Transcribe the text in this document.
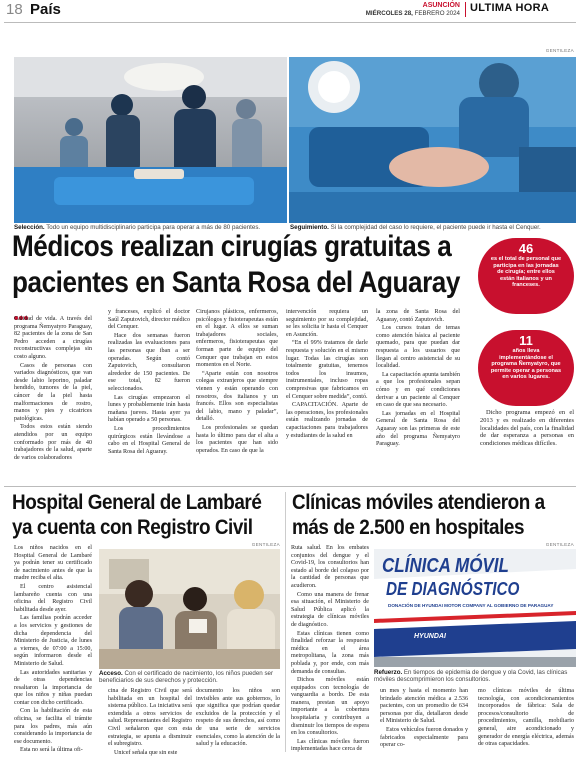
18 País	ASUNCIÓN
MIÉRCOLES 28, FEBRERO 2024 ULTIMA HORA
GENTILEZA
Selección. Todo un equipo multidisciplinario participa para operar a más de 80 pacientes.	Seguimiento. Si la complejidad del caso lo requiere, el paciente puede ir hasta el Cenquer.
Médicos realizan cirugías gratuitas a
pacientes en Santa Rosa del Aguaray
46
es el total de personal que participa en las jornadas de cirugía; entre ellos están italianos y un franceses.
11
años lleva implementándose el programa Ñemyatyro, que permite operar a personas en varios lugares.

Calidad de vida. A través del programa Ñemyatyro Paraguay, 82 pacientes de la zona de San Pedro acceden a cirugías reconstructivas complejas sin costo alguno.

Casos de personas con variados diagnósticos, que van desde labio leporino, paladar hendido, tumores de la piel, cáncer de la piel hasta malformaciones de rostro, manos y pies y cicatrices patológicas.

Todos estos están siendo atendidos por un equipo conformado por más de 40 trabajadores de la salud, aparte de varios colaboradores

y franceses, explicó el doctor Saúl Zaputovich, director médico del Cenquer.

Hace dos semanas fueron realizadas las evaluaciones para las personas que iban a ser operadas. Según contó Zaputovich, consultaron alrededor de 150 pacientes. De ese total, 82 fueron seleccionados.

Las cirugías empezaron el lunes y probablemente irán hasta mañana jueves. Hasta ayer ya habían operado a 50 personas.

Los procedimientos quirúrgicos están llevándose a cabo en el Hospital General de Santa Rosa del Aguaray.

Cirujanos plásticos, enfermeros, psicólogos y fisioterapeutas están en el lugar. A ellos se suman trabajadores sociales, enfermeros, fisioterapeutas que forman parte de equipo del Cenquer que trabajan en estos momentos en el Norte.

“Aparte están con nosotros colegas extranjeros que siempre vienen y están operando con nosotros, dos italianos y un francés. Ellos son especialistas del labio, mano y paladar”, detalló.

Los profesionales se quedan hasta lo último para dar el alta a los pacientes que han sido operados. En caso de que la

intervención requiera un seguimiento por su complejidad, se les solicita ir hasta el Cenquer en Asunción.

“En el 99% tratamos de darle respuesta y solución en el mismo lugar. Todas las cirugías son totalmente gratuitas, tenemos todos los insumos, instrumentales, incluso ropas compresivas que fabricamos en el Cenquer sobre medida”, contó.

CAPACITACIÓN. Aparte de las operaciones, los profesionales están realizando jornadas de capacitaciones para trabajadores y estudiantes de la salud en

la zona de Santa Rosa del Aguaray, contó Zaputovich.

Los cursos tratan de temas como atención básica al paciente quemado, para que puedan dar respuesta a los usuarios que llegan al centro asistencial de su localidad.

La capacitación apunta también a que los profesionales sepan cómo y en qué condiciones derivar a un paciente al Cenquer en caso de que sea necesario.

Las jornadas en el Hospital General de Santa Rosa del Aguaray son las primeras de este año del programa Ñemyatyro Paraguay.

Dicho programa empezó en el 2013 y es realizado en diferentes localidades del país, con la finalidad de dar esperanza a personas en condiciones médicas difíciles.

Hospital General de Lambaré
ya cuenta con Registro Civil

Los niños nacidos en el Hospital General de Lambaré ya podrán tener su certificado de nacimiento antes de que la madre reciba el alta.

El centro asistencial lambareño cuenta con una oficina del Registro Civil habilitada desde ayer.

Las familias podrán acceder a los servicios y gestiones de dicha dependencia del Ministerio de Justicia, de lunes a viernes, de 07:00 a 15:00, según informaron desde el Ministerio de Salud.

Las autoridades sanitarias y de otras dependencias resaltaron la importancia de que los niños y niñas puedan contar con dicho certificado.

Con la habilitación de esta oficina, se facilita el trámite para los padres, más aún considerando la importancia de ese documento.

Esta no será la última ofi-

GENTILEZA
Acceso. Con el certificado de nacimiento, los niños pueden ser beneficiarios de sus derechos y protección.

cina de Registro Civil que será habilitada en un hospital del sistema público. La iniciativa será extendida a otros servicios de salud. Representantes del Registro Civil señalaron que con esta estrategia, se apunta a disminuir el subregistro.

Unicef señala que sin este

documento los niños son invisibles ante sus gobiernos, lo que significa que podrían quedar excluidos de la protección y el respeto de sus derechos, así como de una serie de servicios esenciales, como la atención de la salud y la educación.

Clínicas móviles atendieron a
más de 2.500 en hospitales

Ruta salud. En los embates conjuntos del dengue y el Covid-19, los consultorios han estado al borde del colapso por la cantidad de personas que acudieron.

Como una manera de frenar esa situación, el Ministerio de Salud Pública aplicó la estrategia de clínicas móviles de diagnóstico.

Estas clínicas tienen como finalidad reforzar la respuesta médica en el área metropolitana, la zona más poblada y, por ende, con más demanda de consultas.

Dichos móviles están equipados con tecnología de vanguardia a bordo. De esta manera, prestan un apoyo importante a la cobertura hospitalaria y contribuyen a disminuir los tiempos de espera en los consultorios.

Las clínicas móviles fueron implementadas hace cerca de

GENTILEZA
CLÍNICA MÓVIL
DE DIAGNÓSTICO
DONACIÓN DE HYUNDAI MOTOR COMPANY AL GOBIERNO DE PARAGUAY
HYUNDAI
Refuerzo. En tiempos de epidemia de dengue y ola Covid, las clínicas móviles descomprimieron los consultorios.

un mes y hasta el momento han brindado atención médica a 2.536 pacientes, con un promedio de 634 personas por día, detallaron desde el Ministerio de Salud.

Estos vehículos fueron donados y fabricados especialmente para operar co-

mo clínicas móviles de última tecnología, con acondicionamientos incorporados de fábrica: Sala de procesos/consultorio de procedimientos, camilla, mobiliario general, aire acondicionado y generador de energía eléctrica, además de otras capacidades.
